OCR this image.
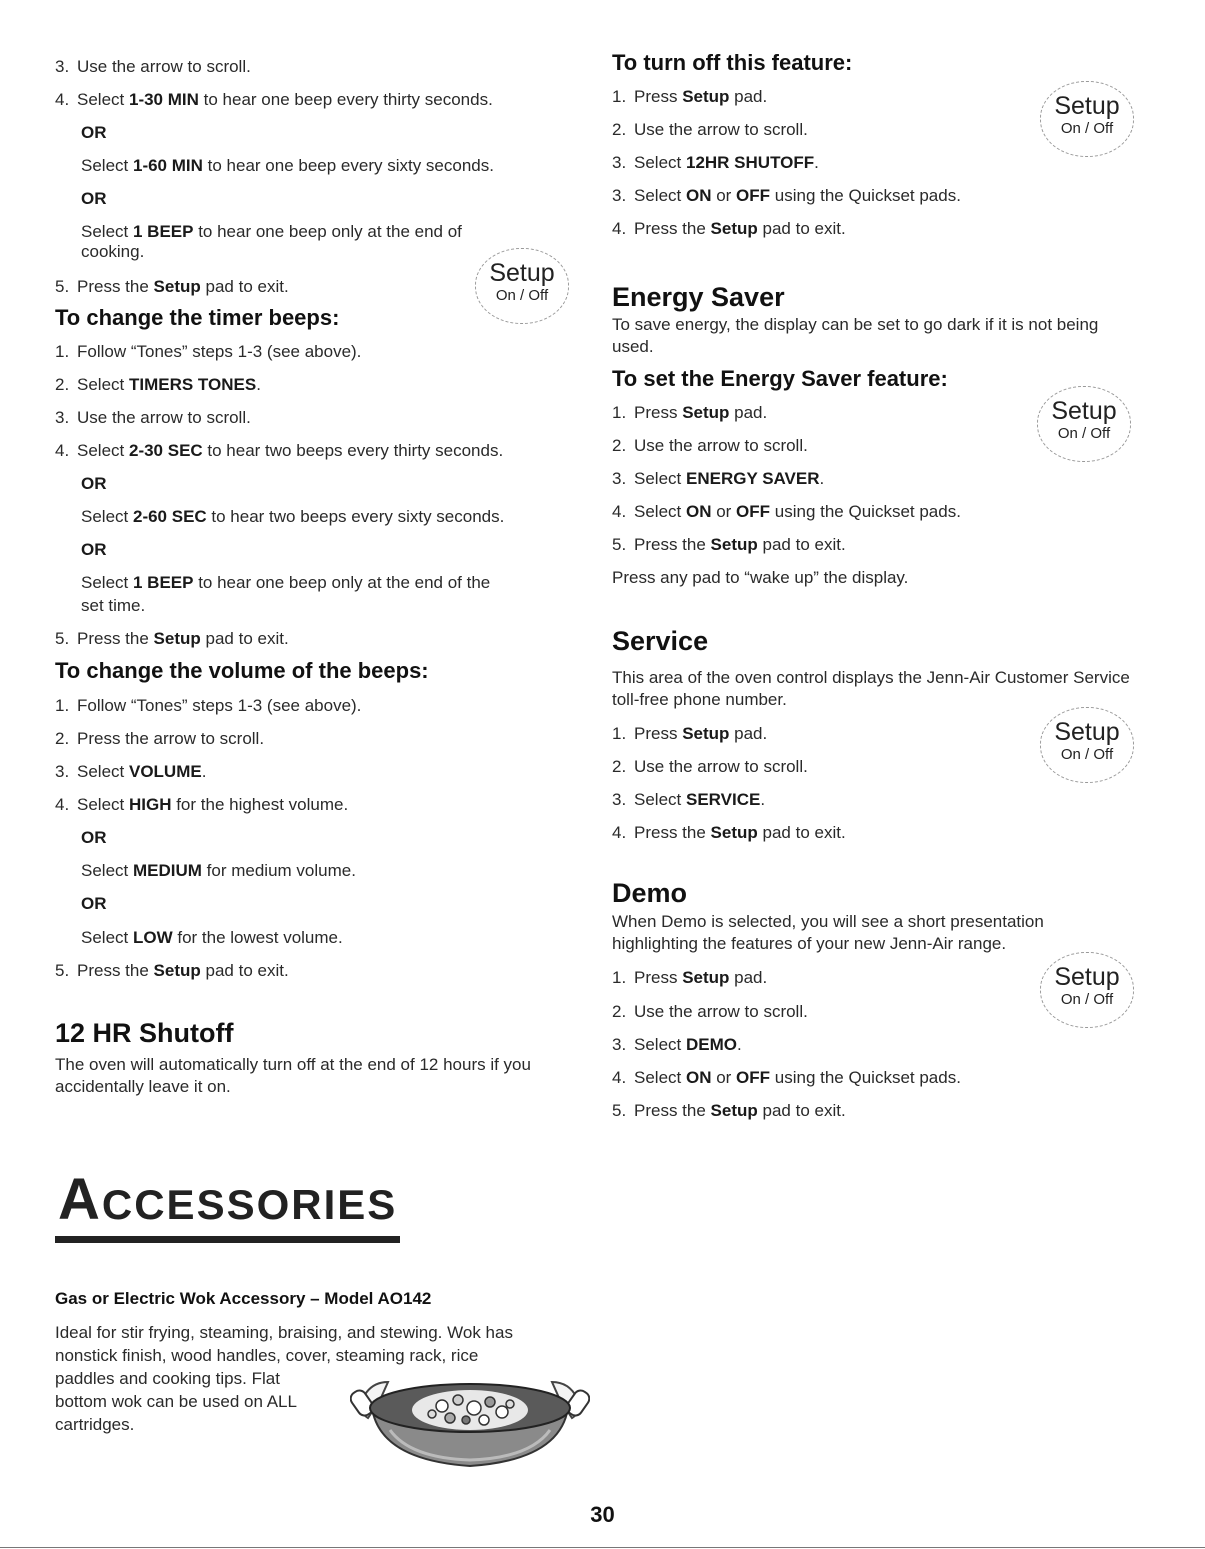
3. Use the arrow to scroll.
4. Select 1-30 MIN to hear one beep every thirty seconds.
OR
Select 1-60 MIN to hear one beep every sixty seconds.
OR
Select 1 BEEP to hear one beep only at the end of
cooking.
5. Press the Setup pad to exit.	Setup
On / Off
To change the timer beeps:
1. Follow “Tones” steps 1-3 (see above).
2. Select TIMERS TONES.
3. Use the arrow to scroll.
4. Select 2-30 SEC to hear two beeps every thirty seconds.
OR
Select 2-60 SEC to hear two beeps every sixty seconds.
OR
Select 1 BEEP to hear one beep only at the end of the
set time.
5. Press the Setup pad to exit.
To change the volume of the beeps:
1. Follow “Tones” steps 1-3 (see above).
2. Press the arrow to scroll.
3. Select VOLUME.
4. Select HIGH for the highest volume.
OR
Select MEDIUM for medium volume.
OR
Select LOW for the lowest volume.
5. Press the Setup pad to exit.
12 HR Shutoff
The oven will automatically turn off at the end of 12 hours if you accidentally leave it on.
To turn off this feature:
1. Press Setup pad.
2. Use the arrow to scroll.
3. Select 12HR SHUTOFF.
3. Select ON or OFF using the Quickset pads.
4. Press the Setup pad to exit.
Setup
On / Off
Energy Saver
To save energy, the display can be set to go dark if it is not being used.
To set the Energy Saver feature:
1. Press Setup pad.
2. Use the arrow to scroll.
3. Select ENERGY SAVER.
4. Select ON or OFF using the Quickset pads.
5. Press the Setup pad to exit.
Press any pad to “wake up” the display.
Setup
On / Off
Service
This area of the oven control displays the Jenn-Air Customer Service toll-free phone number.
1. Press Setup pad.
2. Use the arrow to scroll.
3. Select SERVICE.
4. Press the Setup pad to exit.
Setup
On / Off
Demo
When Demo is selected, you will see a short presentation highlighting the features of your new Jenn-Air range.
1. Press Setup pad.
2. Use the arrow to scroll.
3. Select DEMO.
4. Select ON or OFF using the Quickset pads.
5. Press the Setup pad to exit.
Setup
On / Off
ACCESSORIES
Gas or Electric Wok Accessory – Model AO142
Ideal for stir frying, steaming, braising, and stewing. Wok has
nonstick finish, wood handles, cover, steaming rack, rice
paddles and cooking tips. Flat
bottom wok can be used on ALL
cartridges.
30
